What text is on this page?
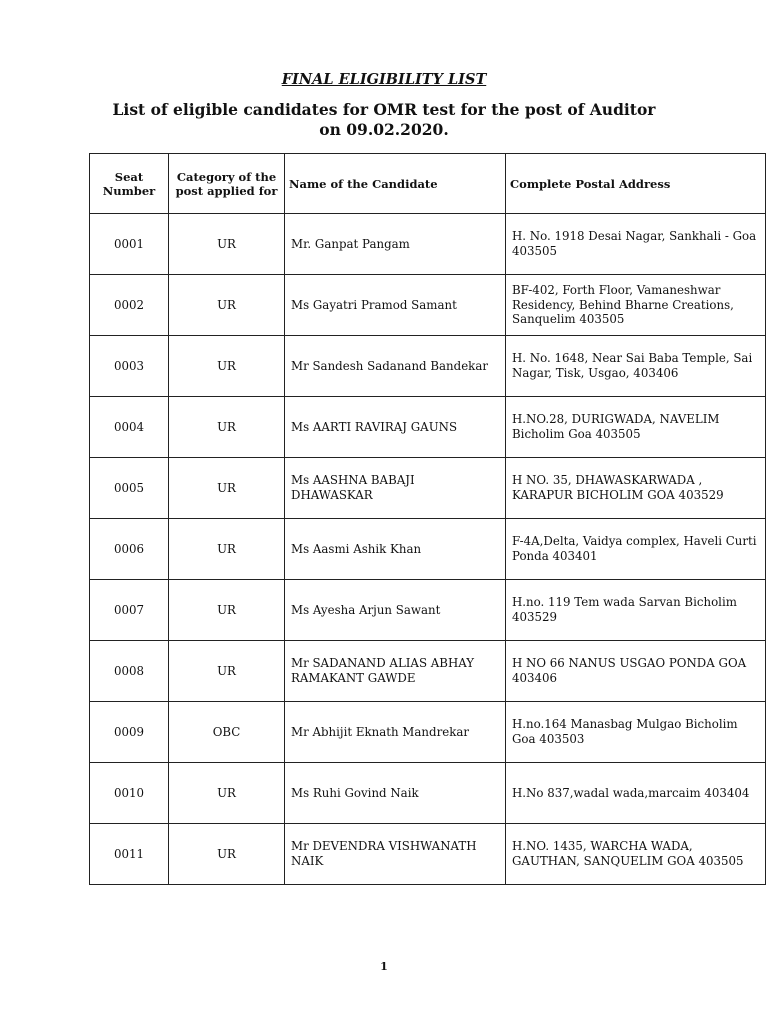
FINAL ELIGIBILITY LIST
List of eligible candidates for OMR test for the post of Auditor
on 09.02.2020.
Seat Number	Category of the post applied for	Name of the Candidate	Complete Postal Address
0001	UR	Mr. Ganpat Pangam	H. No. 1918 Desai Nagar, Sankhali - Goa 403505
0002	UR	Ms Gayatri Pramod Samant	BF-402, Forth Floor, Vamaneshwar Residency, Behind Bharne Creations, Sanquelim 403505
0003	UR	Mr Sandesh Sadanand Bandekar	H. No. 1648, Near Sai Baba Temple, Sai Nagar, Tisk, Usgao, 403406
0004	UR	Ms AARTI RAVIRAJ GAUNS	H.NO.28, DURIGWADA, NAVELIM Bicholim Goa 403505
0005	UR	Ms AASHNA BABAJI DHAWASKAR	H NO. 35, DHAWASKARWADA , KARAPUR BICHOLIM GOA 403529
0006	UR	Ms Aasmi Ashik Khan	F-4A,Delta, Vaidya complex, Haveli Curti Ponda 403401
0007	UR	Ms Ayesha Arjun Sawant	H.no. 119 Tem wada Sarvan Bicholim 403529
0008	UR	Mr SADANAND ALIAS ABHAY RAMAKANT GAWDE	H NO 66 NANUS USGAO PONDA GOA 403406
0009	OBC	Mr Abhijit Eknath Mandrekar	H.no.164 Manasbag Mulgao Bicholim Goa 403503
0010	UR	Ms Ruhi Govind Naik	H.No 837,wadal wada,marcaim 403404
0011	UR	Mr DEVENDRA VISHWANATH NAIK	H.NO. 1435, WARCHA WADA, GAUTHAN, SANQUELIM GOA 403505
1
